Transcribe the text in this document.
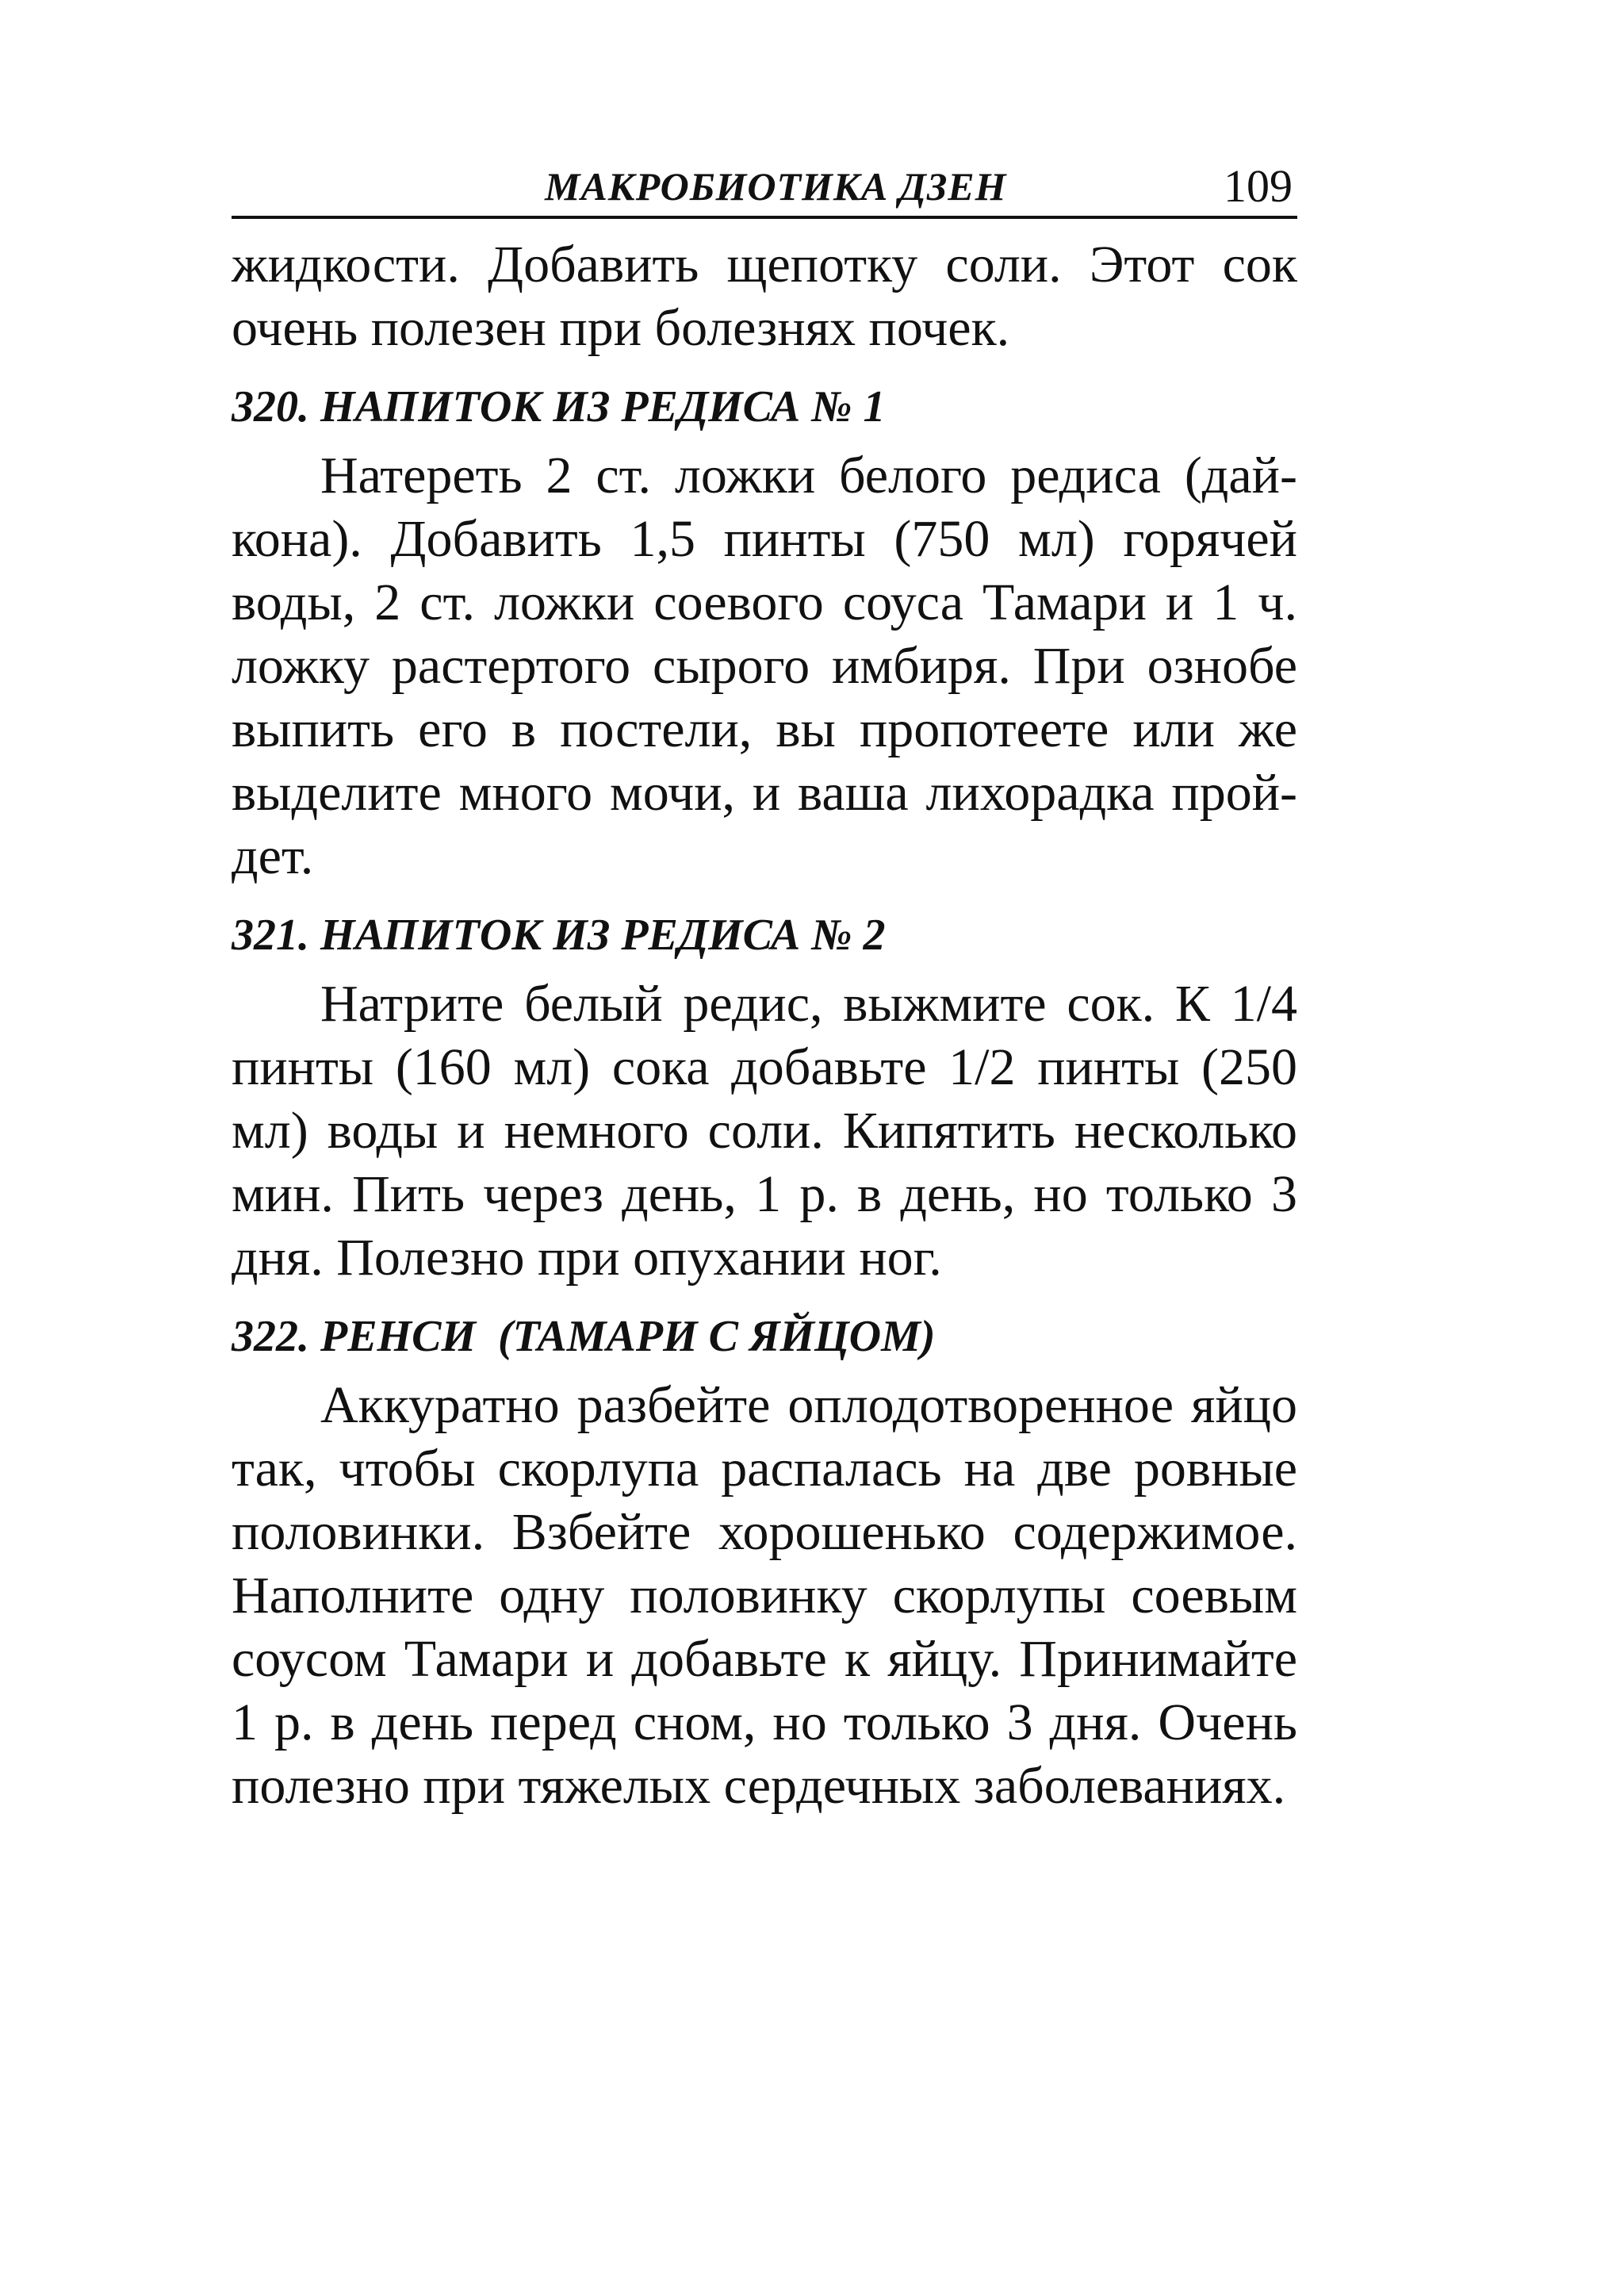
МАКРОБИОТИКА ДЗЕН	109

жидкости. Добавить щепотку соли. Этот сок очень полезен при болезнях почек.

320. НАПИТОК ИЗ РЕДИСА № 1

Натереть 2 ст. ложки белого редиса (дайкона). Добавить 1,5 пинты (750 мл) горячей воды, 2 ст. ложки соевого соуса Тамари и 1 ч. ложку растертого сырого имбиря. При ознобе выпить его в постели, вы пропотеете или же выделите много мочи, и ваша лихорадка пройдет.

321. НАПИТОК ИЗ РЕДИСА № 2

Натрите белый редис, выжмите сок. К 1/4 пинты (160 мл) сока добавьте 1/2 пинты (250 мл) воды и немного соли. Кипятить несколько мин. Пить через день, 1 р. в день, но только 3 дня. Полезно при опухании ног.

322. РЕНСИ  (ТАМАРИ С ЯЙЦОМ)

Аккуратно разбейте оплодотворенное яйцо так, чтобы скорлупа распалась на две ровные половинки. Взбейте хорошенько содержимое. Наполните одну половинку скорлупы соевым соусом Тамари и добавьте к яйцу. Принимайте 1 р. в день перед сном, но только 3 дня. Очень полезно при тяжелых сердечных заболеваниях.
